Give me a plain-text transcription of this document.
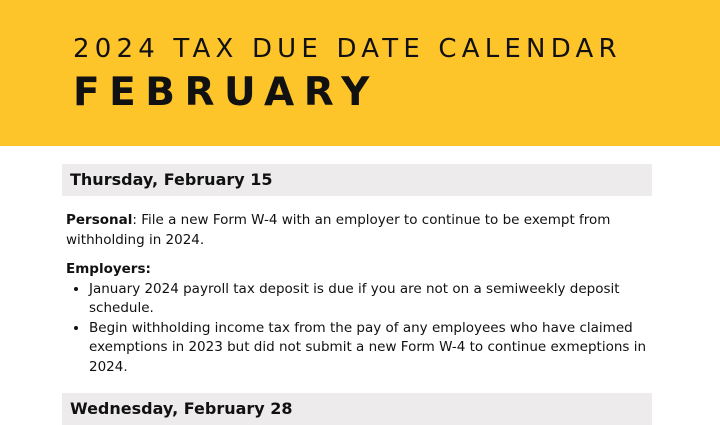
2024 TAX DUE DATE CALENDAR
FEBRUARY
Thursday, February 15

Personal: File a new Form W-4 with an employer to continue to be exempt from withholding in 2024.

Employers:
• January 2024 payroll tax deposit is due if you are not on a semiweekly deposit schedule.
• Begin withholding income tax from the pay of any employees who have claimed exemptions in 2023 but did not submit a new Form W-4 to continue exmeptions in 2024.
Wednesday, February 28
